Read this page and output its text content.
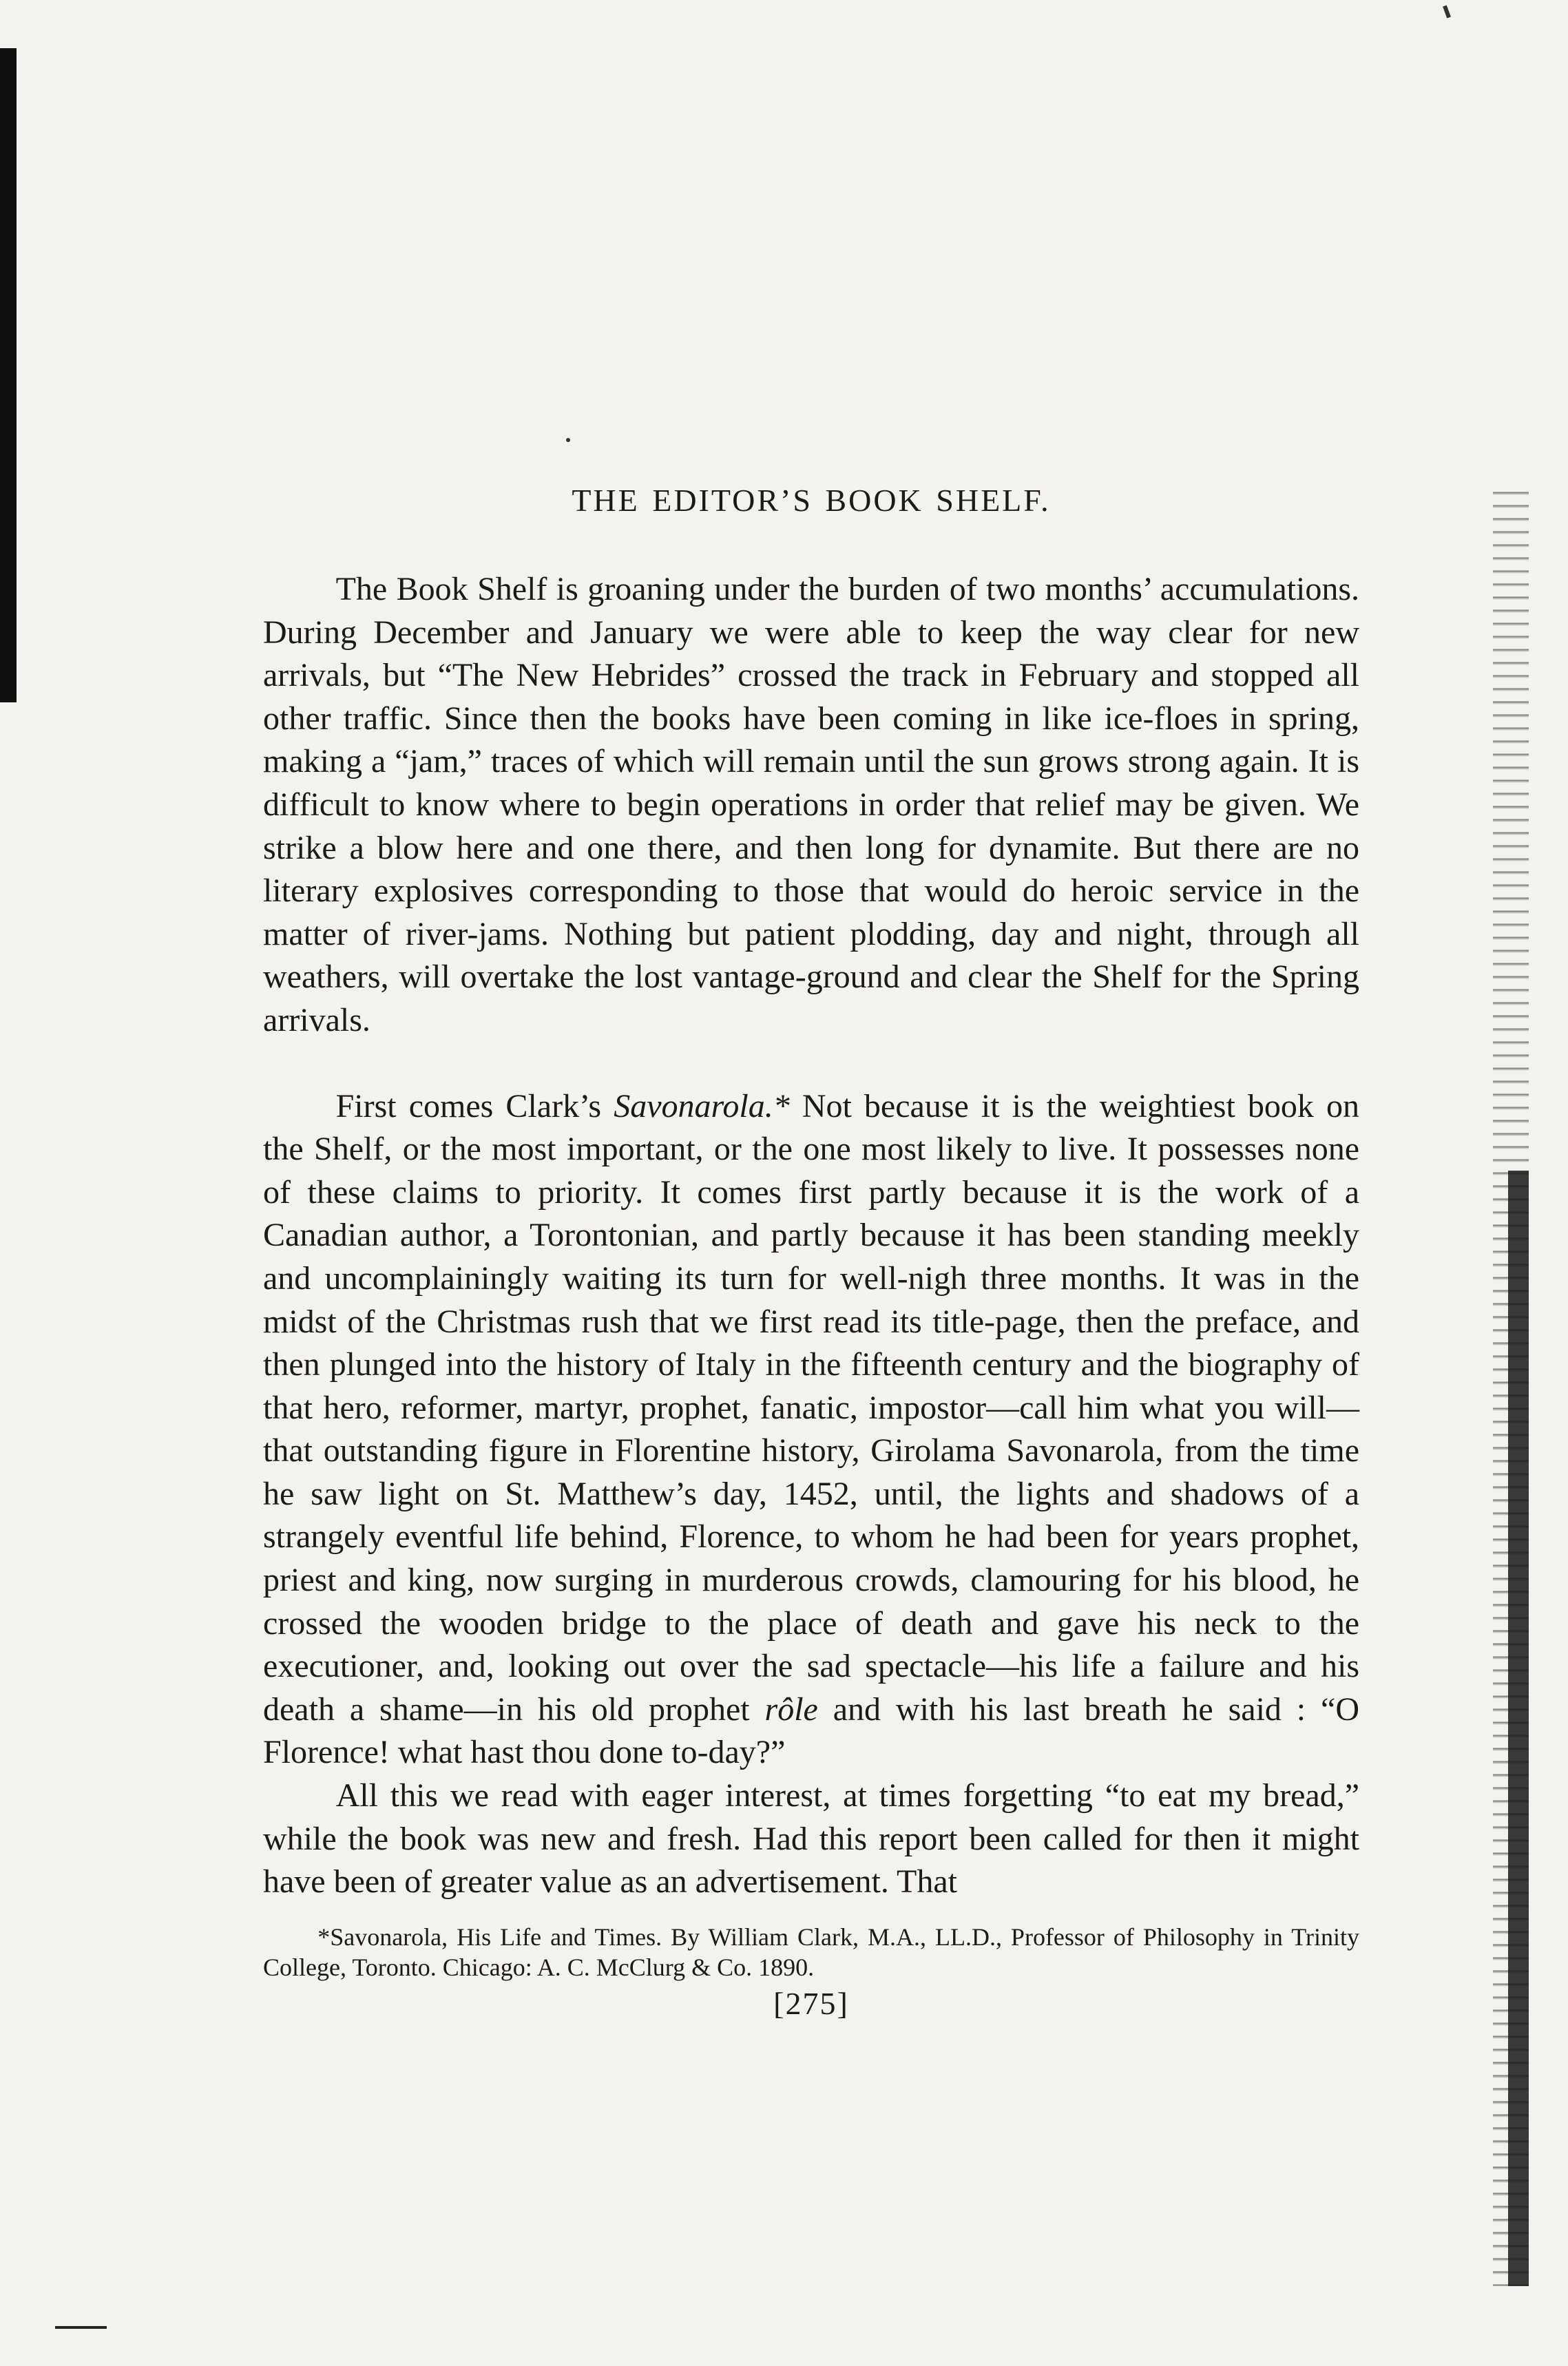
THE EDITOR’S BOOK SHELF.

The Book Shelf is groaning under the burden of two months’ accumulations. During December and January we were able to keep the way clear for new arrivals, but “The New Hebrides” crossed the track in February and stopped all other traffic. Since then the books have been coming in like ice-floes in spring, making a “jam,” traces of which will remain until the sun grows strong again. It is difficult to know where to begin operations in order that relief may be given. We strike a blow here and one there, and then long for dynamite. But there are no literary explosives corresponding to those that would do heroic service in the matter of river-jams. Nothing but patient plodding, day and night, through all weathers, will overtake the lost vantage-ground and clear the Shelf for the Spring arrivals.

First comes Clark’s Savonarola.* Not because it is the weightiest book on the Shelf, or the most important, or the one most likely to live. It possesses none of these claims to priority. It comes first partly because it is the work of a Canadian author, a Torontonian, and partly because it has been standing meekly and uncomplainingly waiting its turn for well-nigh three months. It was in the midst of the Christmas rush that we first read its title-page, then the preface, and then plunged into the history of Italy in the fifteenth century and the biography of that hero, reformer, martyr, prophet, fanatic, impostor—call him what you will—that outstanding figure in Florentine history, Girolama Savonarola, from the time he saw light on St. Matthew’s day, 1452, until, the lights and shadows of a strangely eventful life behind, Florence, to whom he had been for years prophet, priest and king, now surging in murderous crowds, clamouring for his blood, he crossed the wooden bridge to the place of death and gave his neck to the executioner, and, looking out over the sad spectacle—his life a failure and his death a shame—in his old prophet rôle and with his last breath he said : “O Florence! what hast thou done to-day?”

All this we read with eager interest, at times forgetting “to eat my bread,” while the book was new and fresh. Had this report been called for then it might have been of greater value as an advertisement. That

*Savonarola, His Life and Times. By William Clark, M.A., LL.D., Professor of Philosophy in Trinity College, Toronto. Chicago: A. C. McClurg & Co. 1890.
[275]
